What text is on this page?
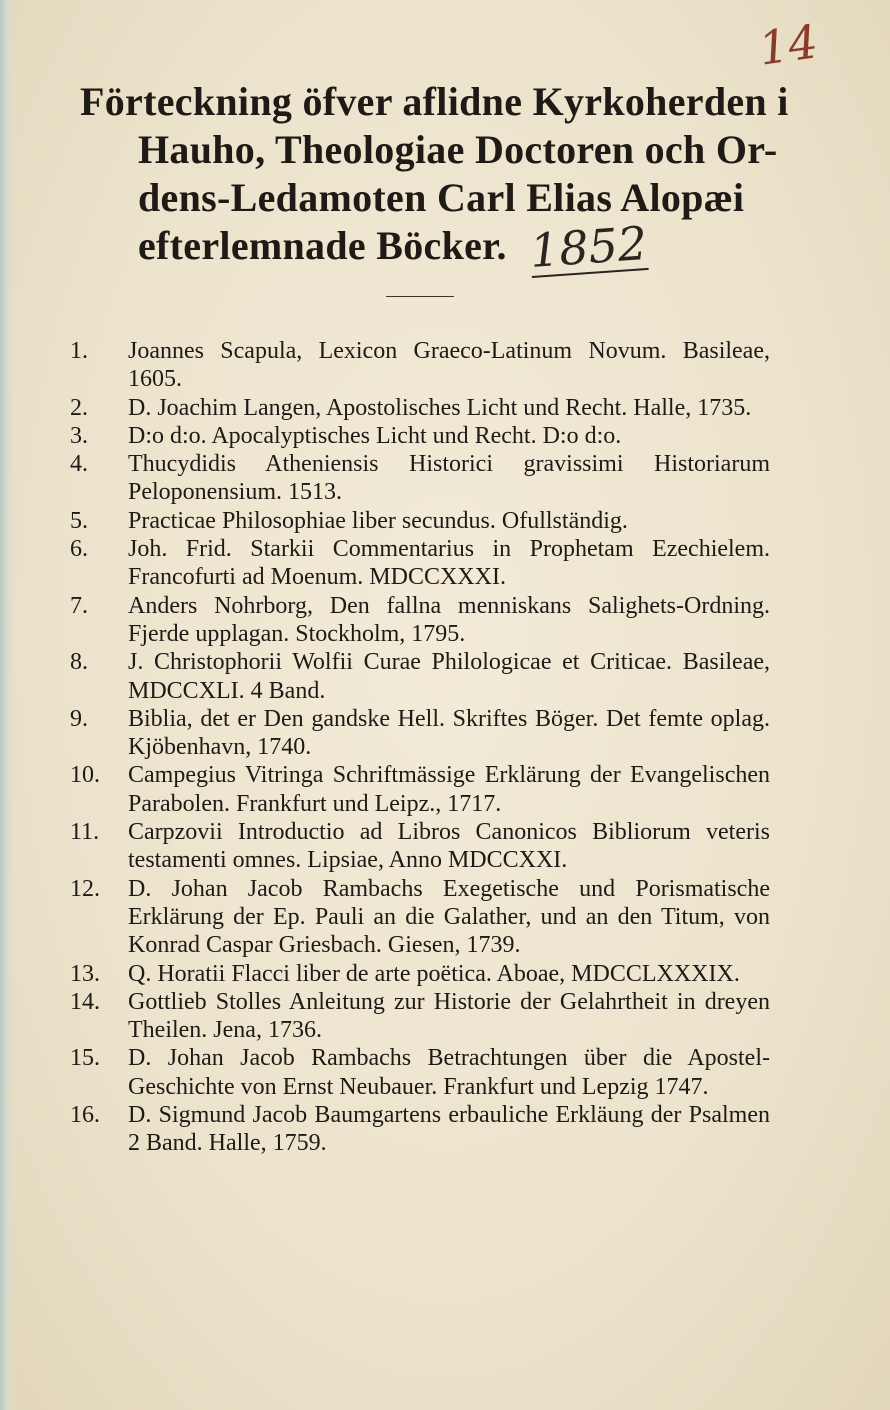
14
Förteckning öfver aflidne Kyrkoherden i
Hauho, Theologiae Doctoren och Or-
dens-Ledamoten Carl Elias Alopæi
efterlemnade Böcker. 1852
1.	Joannes Scapula, Lexicon Graeco-Latinum Novum. Basileae, 1605.
2.	D. Joachim Langen, Apostolisches Licht und Recht. Halle, 1735.
3.	D:o d:o. Apocalyptisches Licht und Recht. D:o d:o.
4.	Thucydidis Atheniensis Historici gravissimi Historiarum Peloponensium. 1513.
5.	Practicae Philosophiae liber secundus. Ofullständig.
6.	Joh. Frid. Starkii Commentarius in Prophetam Ezechielem. Francofurti ad Moenum. MDCCXXXI.
7.	Anders Nohrborg, Den fallna menniskans Salighets-Ordning. Fjerde upplagan. Stockholm, 1795.
8.	J. Christophorii Wolfii Curae Philologicae et Criticae. Basileae, MDCCXLI. 4 Band.
9.	Biblia, det er Den gandske Hell. Skriftes Böger. Det femte oplag. Kjöbenhavn, 1740.
10.	Campegius Vitringa Schriftmässige Erklärung der Evangelischen Parabolen. Frankfurt und Leipz., 1717.
11.	Carpzovii Introductio ad Libros Canonicos Bibliorum veteris testamenti omnes. Lipsiae, Anno MDCCXXI.
12.	D. Johan Jacob Rambachs Exegetische und Porismatische Erklärung der Ep. Pauli an die Galather, und an den Titum, von Konrad Caspar Griesbach. Giesen, 1739.
13.	Q. Horatii Flacci liber de arte poëtica. Aboae, MDCCLXXXIX.
14.	Gottlieb Stolles Anleitung zur Historie der Gelahrtheit in dreyen Theilen. Jena, 1736.
15.	D. Johan Jacob Rambachs Betrachtungen über die Apostel-Geschichte von Ernst Neubauer. Frankfurt und Lepzig 1747.
16.	D. Sigmund Jacob Baumgartens erbauliche Erkläung der Psalmen 2 Band. Halle, 1759.
